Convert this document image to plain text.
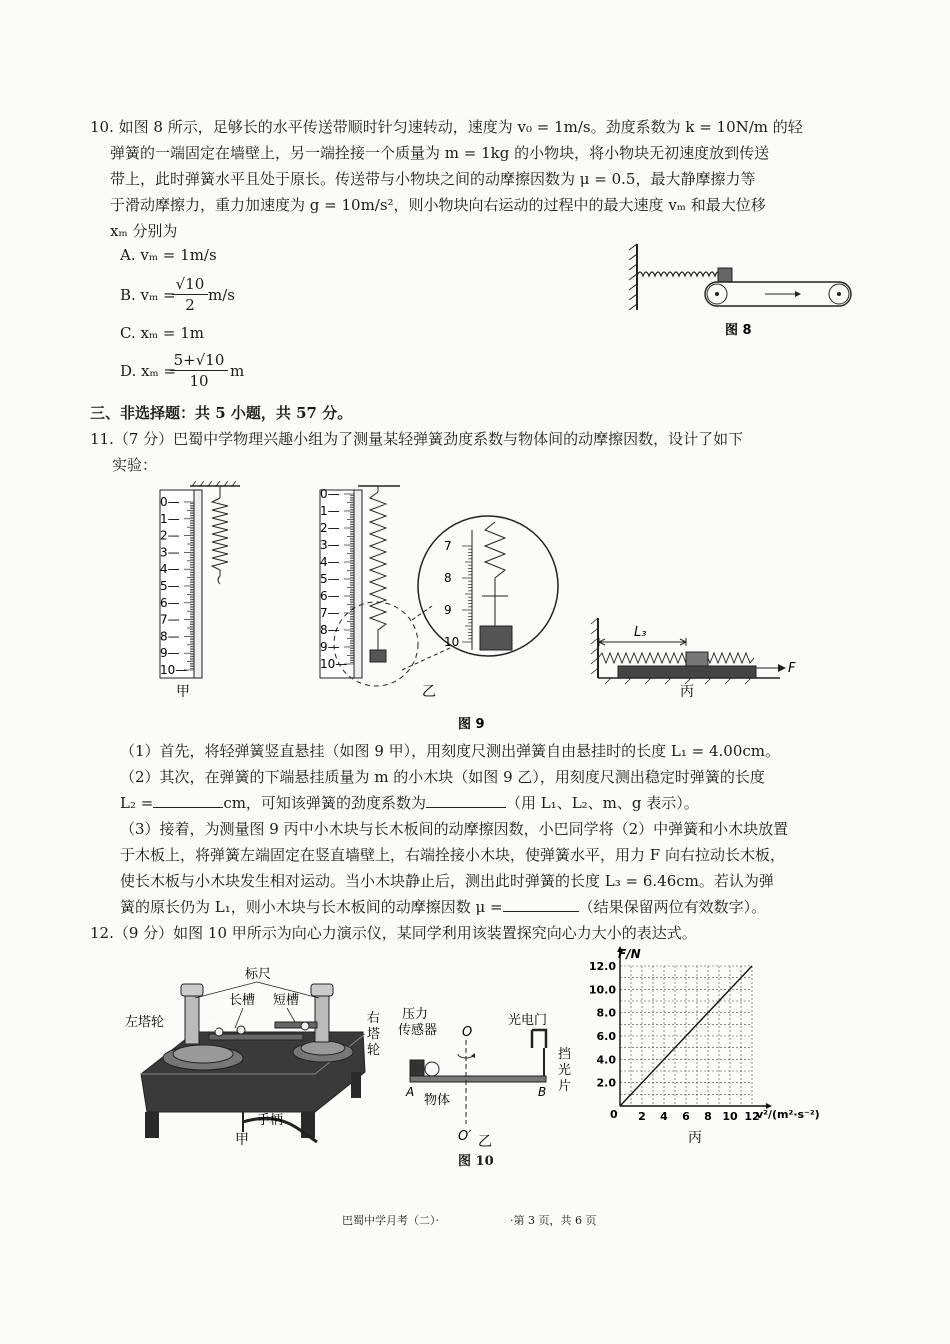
10. 如图 8 所示，足够长的水平传送带顺时针匀速转动，速度为 v₀ = 1m/s。劲度系数为 k = 10N/m 的轻
弹簧的一端固定在墙壁上，另一端拴接一个质量为 m = 1kg 的小物块，将小物块无初速度放到传送
带上，此时弹簧水平且处于原长。传送带与小物块之间的动摩擦因数为 μ = 0.5，最大静摩擦力等
于滑动摩擦力，重力加速度为 g = 10m/s²，则小物块向右运动的过程中的最大速度 vₘ 和最大位移
xₘ 分别为
A. vₘ = 1m/s
B. vₘ =
$\frac{√10}{2} m/s$
C. xₘ = 1m
D. xₘ =
$\frac{5+√10}{10}$ m
图 8
三、非选择题：共 5 小题，共 57 分。
11.（7 分）巴蜀中学物理兴趣小组为了测量某轻弹簧劲度系数与物体间的动摩擦因数，设计了如下
实验：
0—
1—
2—
3—
4—
5—
6—
7—
8—
9—
10—
甲
0—
1—
2—
3—
4—
5—
6—
7—
8—
9—
10—
7
8
9
10
乙
F
L₃
丙
图 9
（1）首先，将轻弹簧竖直悬挂（如图 9 甲），用刻度尺测出弹簧自由悬挂时的长度 L₁ = 4.00cm。
（2）其次，在弹簧的下端悬挂质量为 m 的小木块（如图 9 乙），用刻度尺测出稳定时弹簧的长度
L₂ =	cm，可知该弹簧的劲度系数为	（用 L₁、L₂、m、g 表示）。
（3）接着，为测量图 9 丙中小木块与长木板间的动摩擦因数，小巴同学将（2）中弹簧和小木块放置
于木板上，将弹簧左端固定在竖直墙壁上，右端拴接小木块，使弹簧水平，用力 F 向右拉动长木板，
使长木板与小木块发生相对运动。当小木块静止后，测出此时弹簧的长度 L₃ = 6.46cm。若认为弹
簧的原长仍为 L₁，则小木块与长木板间的动摩擦因数 μ =	（结果保留两位有效数字）。
12.（9 分）如图 10 甲所示为向心力演示仪，某同学利用该装置探究向心力大小的表达式。
标尺
长槽 短槽
左塔轮	右
塔
轮
A B
C
手柄
甲
压力
传感器 O
O′
光电门
挡
光
片
A	B
物体
乙
0 2 4 6 8 10 12
2.0
4.0
6.0
8.0
10.0
12.0
F/N
v²/(m²·s⁻²)
丙
图 10
巴蜀中学月考（二）·	·第 3 页，共 6 页
